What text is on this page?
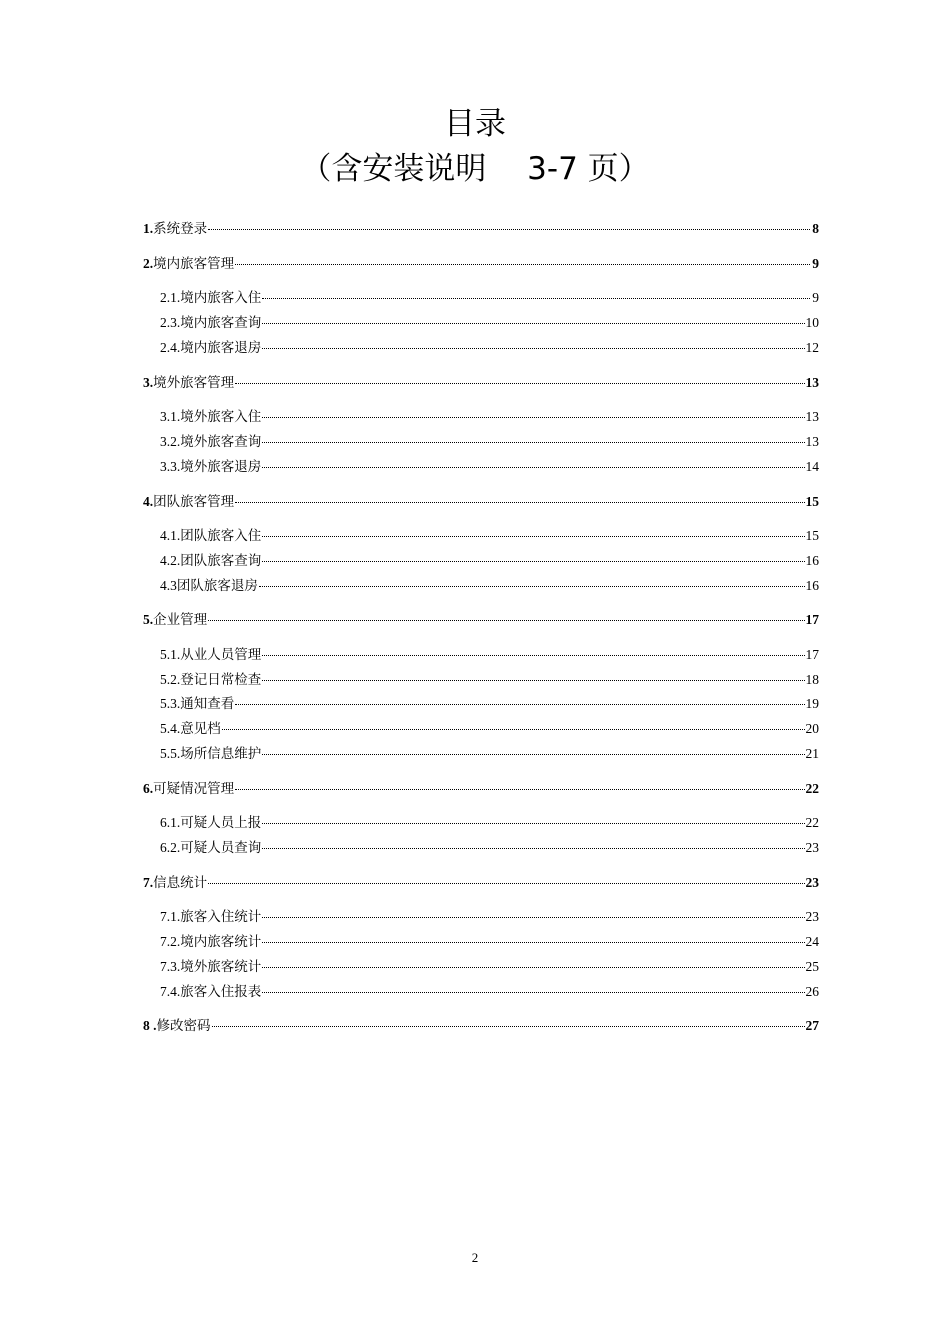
目录
（含安装说明　 3-7 页）
1. 系统登录	8
2. 境内旅客管理	9
2.1. 境内旅客入住	9
2.3. 境内旅客查询	10
2.4. 境内旅客退房	12
3. 境外旅客管理	13
3.1. 境外旅客入住	13
3.2. 境外旅客查询	13
3.3. 境外旅客退房	14
4. 团队旅客管理	15
4.1. 团队旅客入住	15
4.2. 团队旅客查询	16
4.3 团队旅客退房	16
5. 企业管理	17
5.1. 从业人员管理	17
5.2. 登记日常检查	18
5.3. 通知查看	19
5.4. 意见档	20
5.5. 场所信息维护	21
6. 可疑情况管理	22
6.1. 可疑人员上报	22
6.2. 可疑人员查询	23
7. 信息统计	23
7.1. 旅客入住统计	23
7.2. 境内旅客统计	24
7.3. 境外旅客统计	25
7.4. 旅客入住报表	26
8 . 修改密码	27
2
